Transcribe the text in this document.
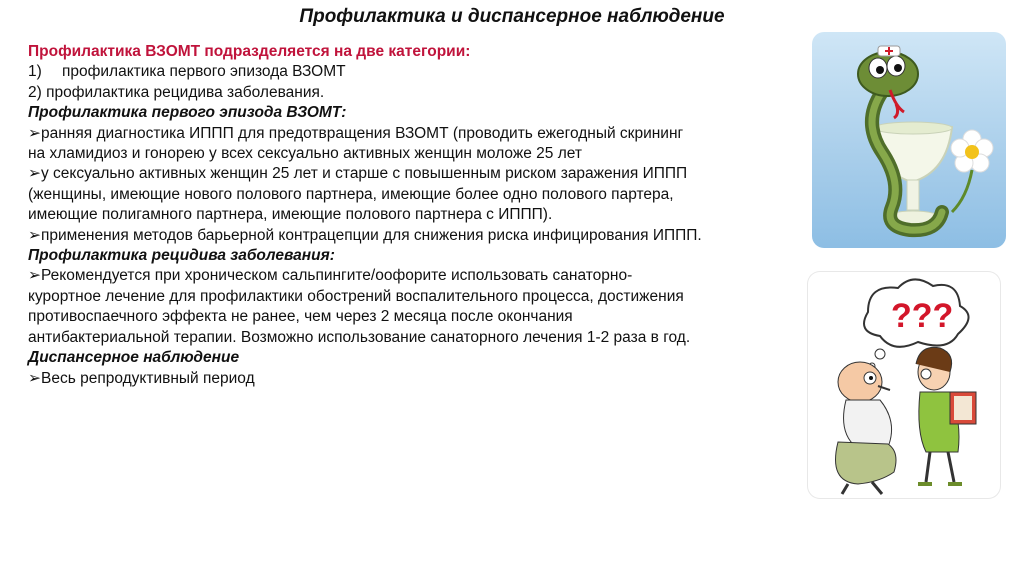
Профилактика и диспансерное наблюдение
Профилактика ВЗОМТ подразделяется на две категории:
1) профилактика первого эпизода ВЗОМТ
2) профилактика рецидива заболевания.
Профилактика первого эпизода ВЗОМТ:
➢ранняя диагностика ИППП для предотвращения ВЗОМТ (проводить ежегодный скрининг
на хламидиоз и гонорею у всех сексуально активных женщин моложе 25 лет
➢у сексуально активных женщин 25 лет и старше с повышенным риском заражения ИППП
(женщины, имеющие нового полового партнера, имеющие более одно полового партера,
имеющие полигамного партнера, имеющие полового партнера с ИППП).
➢применения методов барьерной контрацепции для снижения риска инфицирования ИППП.
Профилактика рецидива заболевания:
➢Рекомендуется при хроническом сальпингите/оофорите использовать санаторно-
курортное лечение для профилактики обострений воспалительного процесса, достижения
противоспаечного эффекта не ранее, чем через 2 месяца после окончания
антибактериальной терапии. Возможно использование санаторного лечения 1-2 раза в год.
Диспансерное наблюдение
➢Весь репродуктивный период
???
